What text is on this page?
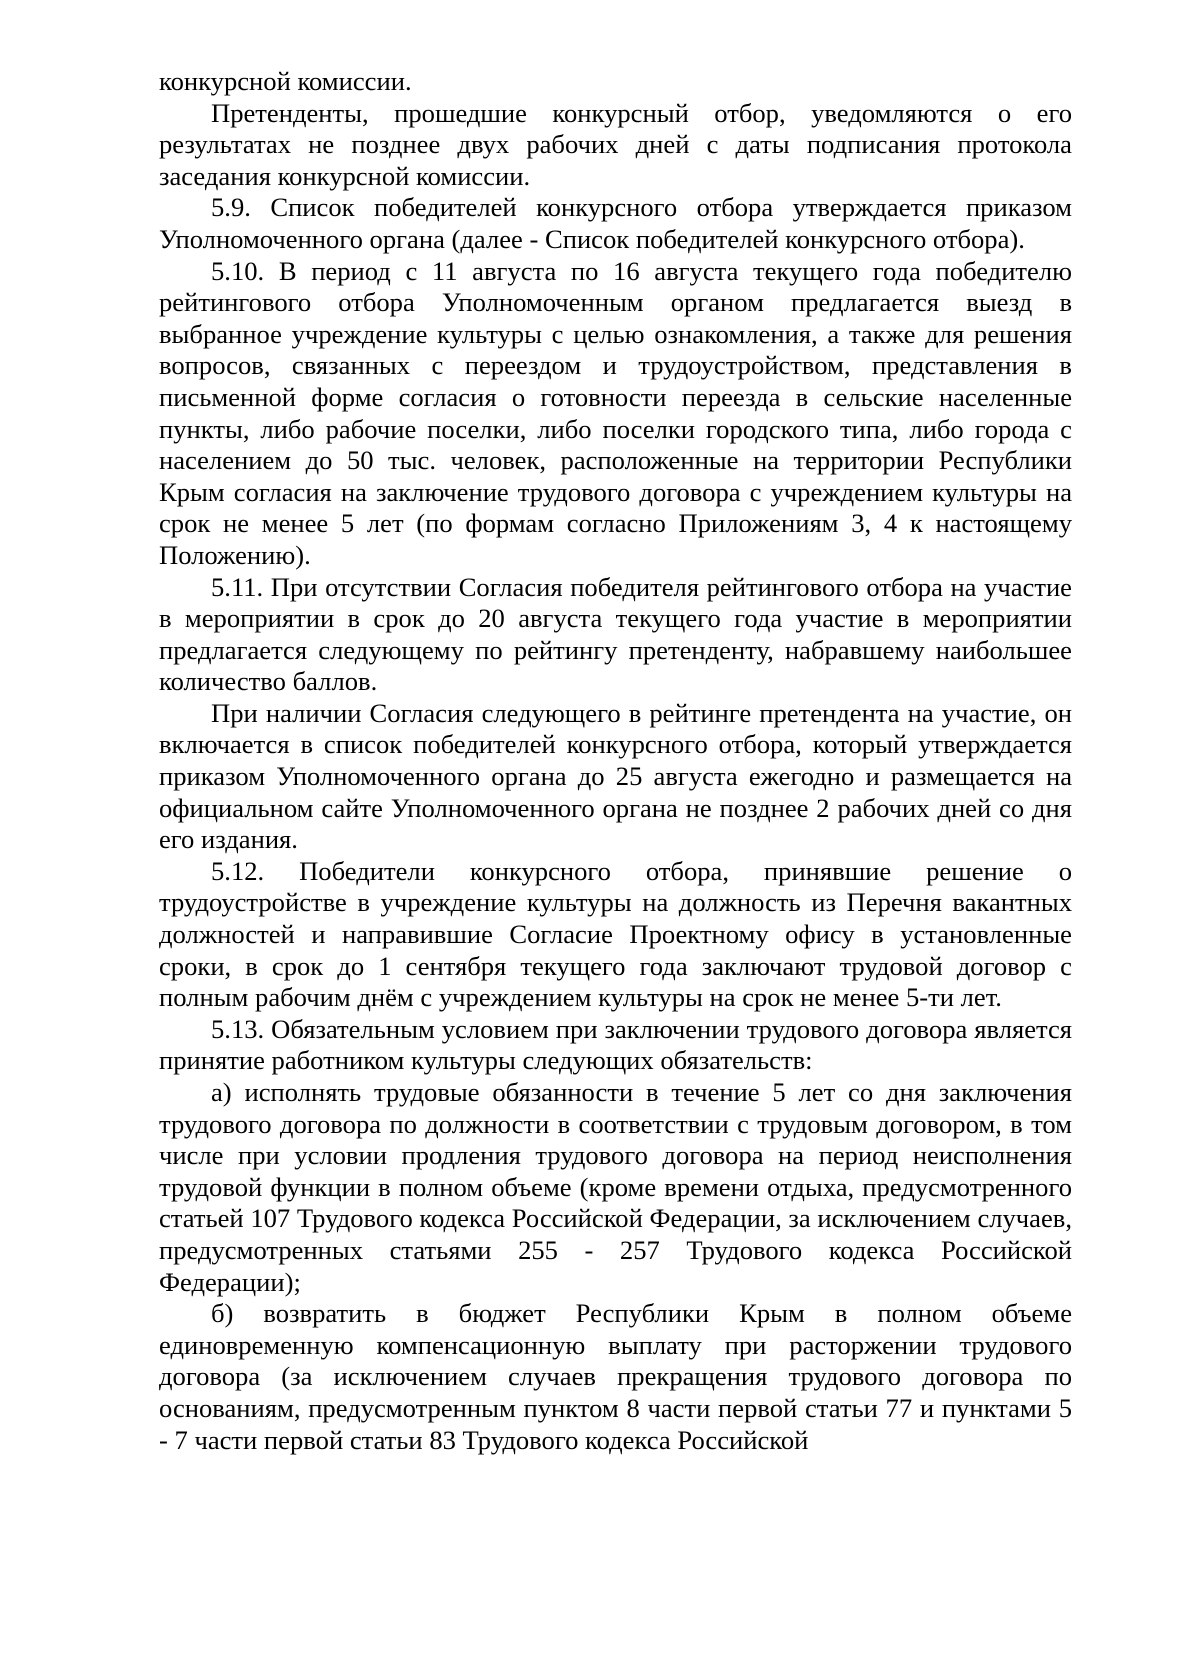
конкурсной комиссии.

Претенденты, прошедшие конкурсный отбор, уведомляются о его результатах не позднее двух рабочих дней с даты подписания протокола заседания конкурсной комиссии.

5.9. Список победителей конкурсного отбора утверждается приказом Уполномоченного органа (далее - Список победителей конкурсного отбора).

5.10. В период с 11 августа по 16 августа текущего года победителю рейтингового отбора Уполномоченным органом предлагается выезд в выбранное учреждение культуры с целью ознакомления, а также для решения вопросов, связанных с переездом и трудоустройством, представления в письменной форме согласия о готовности переезда в сельские населенные пункты, либо рабочие поселки, либо поселки городского типа, либо города с населением до 50 тыс. человек, расположенные на территории Республики Крым согласия на заключение трудового договора с учреждением культуры на срок не менее 5 лет (по формам согласно Приложениям 3, 4 к настоящему Положению).

5.11. При отсутствии Согласия победителя рейтингового отбора на участие в мероприятии в срок до 20 августа текущего года участие в мероприятии предлагается следующему по рейтингу претенденту, набравшему наибольшее количество баллов.

При наличии Согласия следующего в рейтинге претендента на участие, он включается в список победителей конкурсного отбора, который утверждается приказом Уполномоченного органа до 25 августа ежегодно и размещается на официальном сайте Уполномоченного органа не позднее 2 рабочих дней со дня его издания.

5.12. Победители конкурсного отбора, принявшие решение о трудоустройстве в учреждение культуры на должность из Перечня вакантных должностей и направившие Согласие Проектному офису в установленные сроки, в срок до 1 сентября текущего года заключают трудовой договор с полным рабочим днём с учреждением культуры на срок не менее 5-ти лет.

5.13. Обязательным условием при заключении трудового договора является принятие работником культуры следующих обязательств:

а) исполнять трудовые обязанности в течение 5 лет со дня заключения трудового договора по должности в соответствии с трудовым договором, в том числе при условии продления трудового договора на период неисполнения трудовой функции в полном объеме (кроме времени отдыха, предусмотренного статьей 107 Трудового кодекса Российской Федерации, за исключением случаев, предусмотренных статьями 255 - 257 Трудового кодекса Российской Федерации);

б) возвратить в бюджет Республики Крым в полном объеме единовременную компенсационную выплату при расторжении трудового договора (за исключением случаев прекращения трудового договора по основаниям, предусмотренным пунктом 8 части первой статьи 77 и пунктами 5 - 7 части первой статьи 83 Трудового кодекса Российской
